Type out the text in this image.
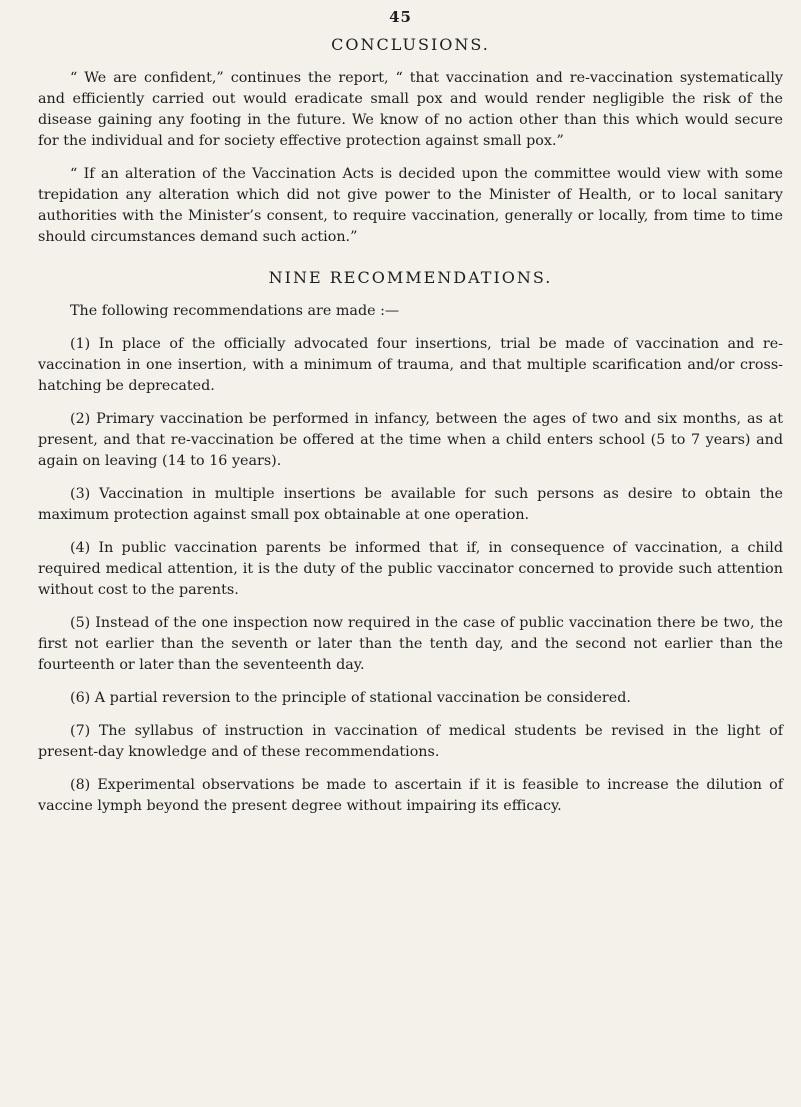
45
CONCLUSIONS.

“ We are confident,” continues the report, “ that vaccination and re-vaccination systematically and efficiently carried out would eradicate small pox and would render negligible the risk of the disease gaining any footing in the future. We know of no action other than this which would secure for the individual and for society effective protection against small pox.”

“ If an alteration of the Vaccination Acts is decided upon the committee would view with some trepidation any alteration which did not give power to the Minister of Health, or to local sanitary authorities with the Minister’s consent, to require vaccination, generally or locally, from time to time should circumstances demand such action.”

NINE RECOMMENDATIONS.

The following recommendations are made :—

(1) In place of the officially advocated four insertions, trial be made of vaccination and re-vaccination in one insertion, with a minimum of trauma, and that multiple scarification and/or cross-hatching be deprecated.

(2) Primary vaccination be performed in infancy, between the ages of two and six months, as at present, and that re-vaccination be offered at the time when a child enters school (5 to 7 years) and again on leaving (14 to 16 years).

(3) Vaccination in multiple insertions be available for such persons as desire to obtain the maximum protection against small pox obtainable at one operation.

(4) In public vaccination parents be informed that if, in consequence of vaccination, a child required medical attention, it is the duty of the public vaccinator concerned to provide such attention without cost to the parents.

(5) Instead of the one inspection now required in the case of public vaccination there be two, the first not earlier than the seventh or later than the tenth day, and the second not earlier than the fourteenth or later than the seventeenth day.

(6) A partial reversion to the principle of stational vaccination be considered.

(7) The syllabus of instruction in vaccination of medical students be revised in the light of present-day knowledge and of these recommendations.

(8) Experimental observations be made to ascertain if it is feasible to increase the dilution of vaccine lymph beyond the present degree without impairing its efficacy.
